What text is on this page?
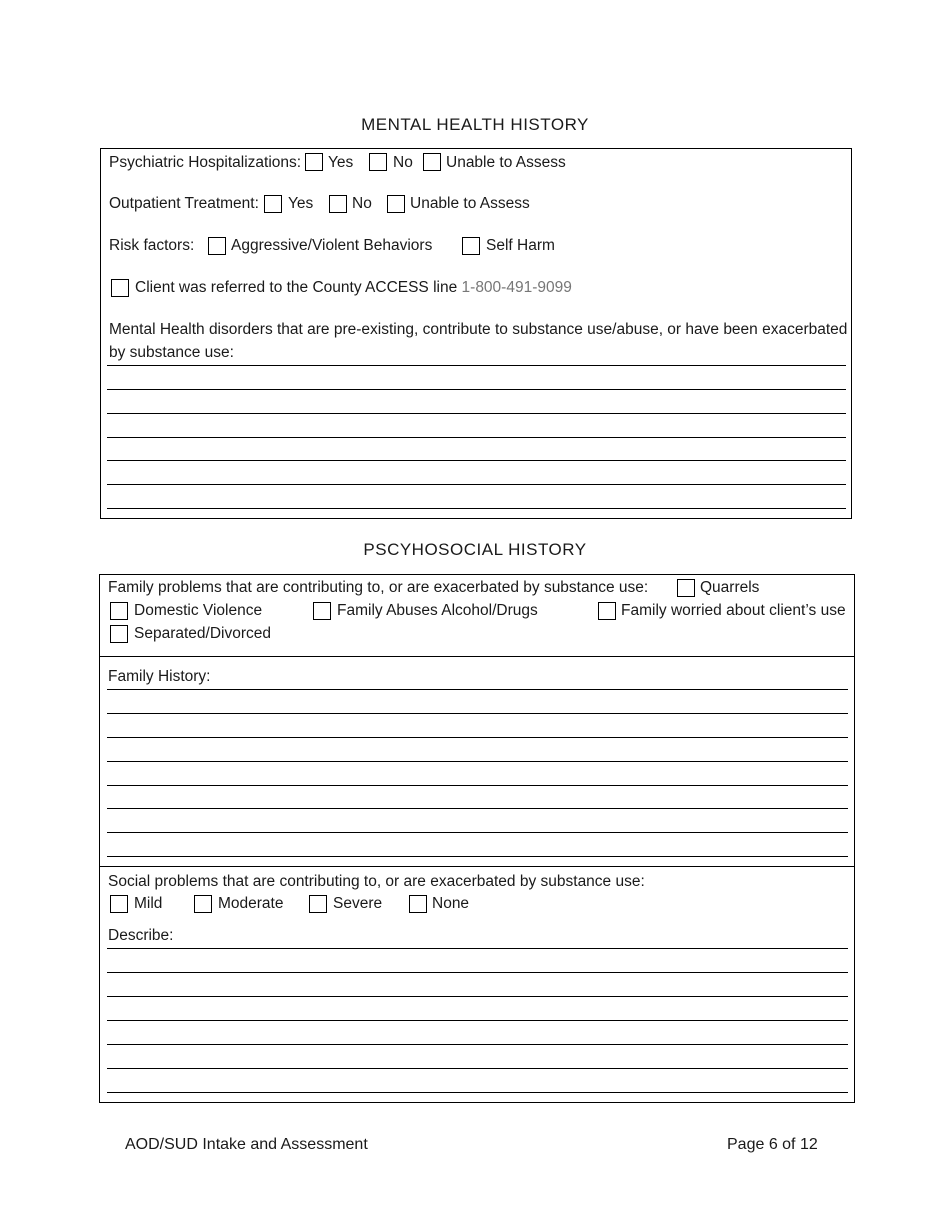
MENTAL HEALTH HISTORY
Psychiatric Hospitalizations: Yes	No Unable to Assess
Outpatient Treatment: Yes No Unable to Assess
Risk factors: Aggressive/Violent Behaviors	Self Harm
Client was referred to the County ACCESS line 1-800-491-9099
Mental Health disorders that are pre-existing, contribute to substance use/abuse, or have been exacerbated
by substance use:
PSCYHOSOCIAL HISTORY
Family problems that are contributing to, or are exacerbated by substance use:	Quarrels
Domestic Violence	Family Abuses Alcohol/Drugs	Family worried about client’s use
Separated/Divorced
Family History:
Social problems that are contributing to, or are exacerbated by substance use:
Mild	Moderate	Severe	None
Describe:
AOD/SUD Intake and Assessment	Page 6 of 12
